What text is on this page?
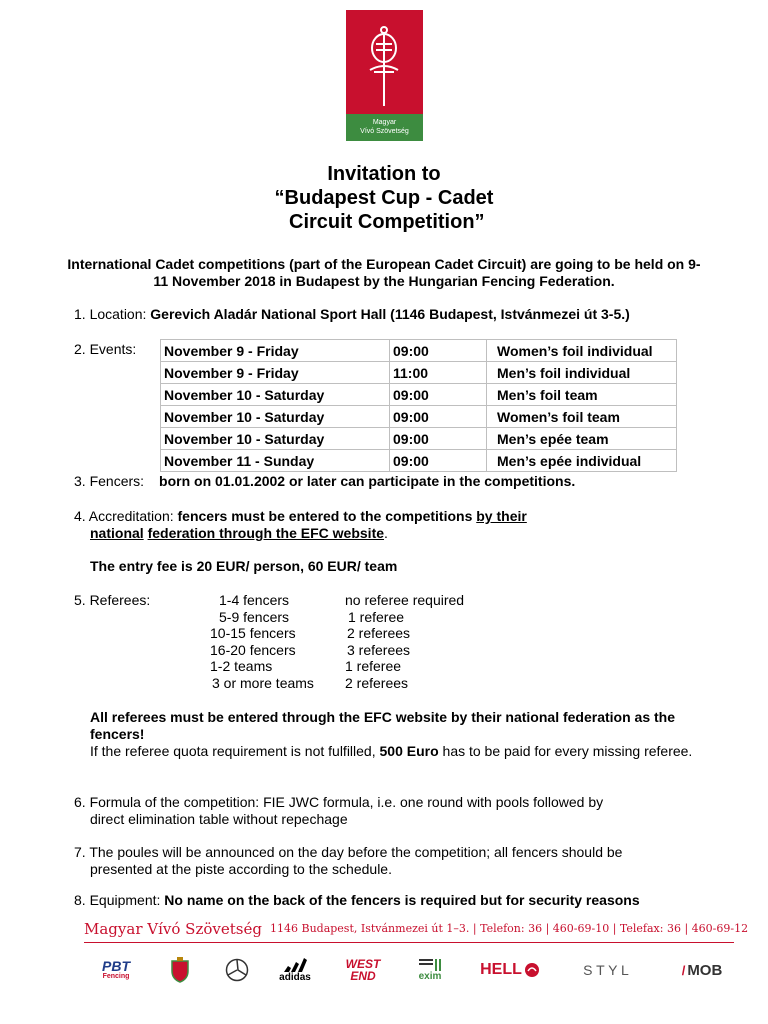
Magyar
Vívó Szövetség
Invitation to
“Budapest Cup - Cadet
Circuit Competition”
International Cadet competitions (part of the European Cadet Circuit) are going to be held on 9-11 November 2018 in Budapest by the Hungarian Fencing Federation.
1. Location: Gerevich Aladár National Sport Hall (1146 Budapest, Istvánmezei út 3-5.)
2. Events: November 9 - Friday	09:00	Women’s foil individual
November 9 - Friday	11:00	Men’s foil individual
November 10 - Saturday	09:00	Men’s foil team
November 10 - Saturday	09:00	Women’s foil team
November 10 - Saturday	09:00	Men’s epée team
November 11 - Sunday	09:00	Men’s epée individual
3. Fencers: born on 01.01.2002 or later can participate in the competitions.
4. Accreditation: fencers must be entered to the competitions by their
national federation through the EFC website.
The entry fee is 20 EUR/ person, 60 EUR/ team
5. Referees:	1-4 fencers	no referee required
5-9 fencers	1 referee
10-15 fencers	2 referees
16-20 fencers	3 referees
1-2 teams	1 referee
3 or more teams 2 referees
All referees must be entered through the EFC website by their national federation as the fencers!
If the referee quota requirement is not fulfilled, 500 Euro has to be paid for every missing referee.
6. Formula of the competition: FIE JWC formula, i.e. one round with pools followed by
direct elimination table without repechage
7. The poules will be announced on the day before the competition; all fencers should be
presented at the piste according to the schedule.
8. Equipment: No name on the back of the fencers is required but for security reasons
Magyar Vívó Szövetség 1146 Budapest, Istvánmezei út 1–3. | Telefon: 36 | 460-69-10 | Telefax: 36 | 460-69-12
PBT
Fencing	adidas
WEST END	exim HELL	S T Y L	/ MOB
